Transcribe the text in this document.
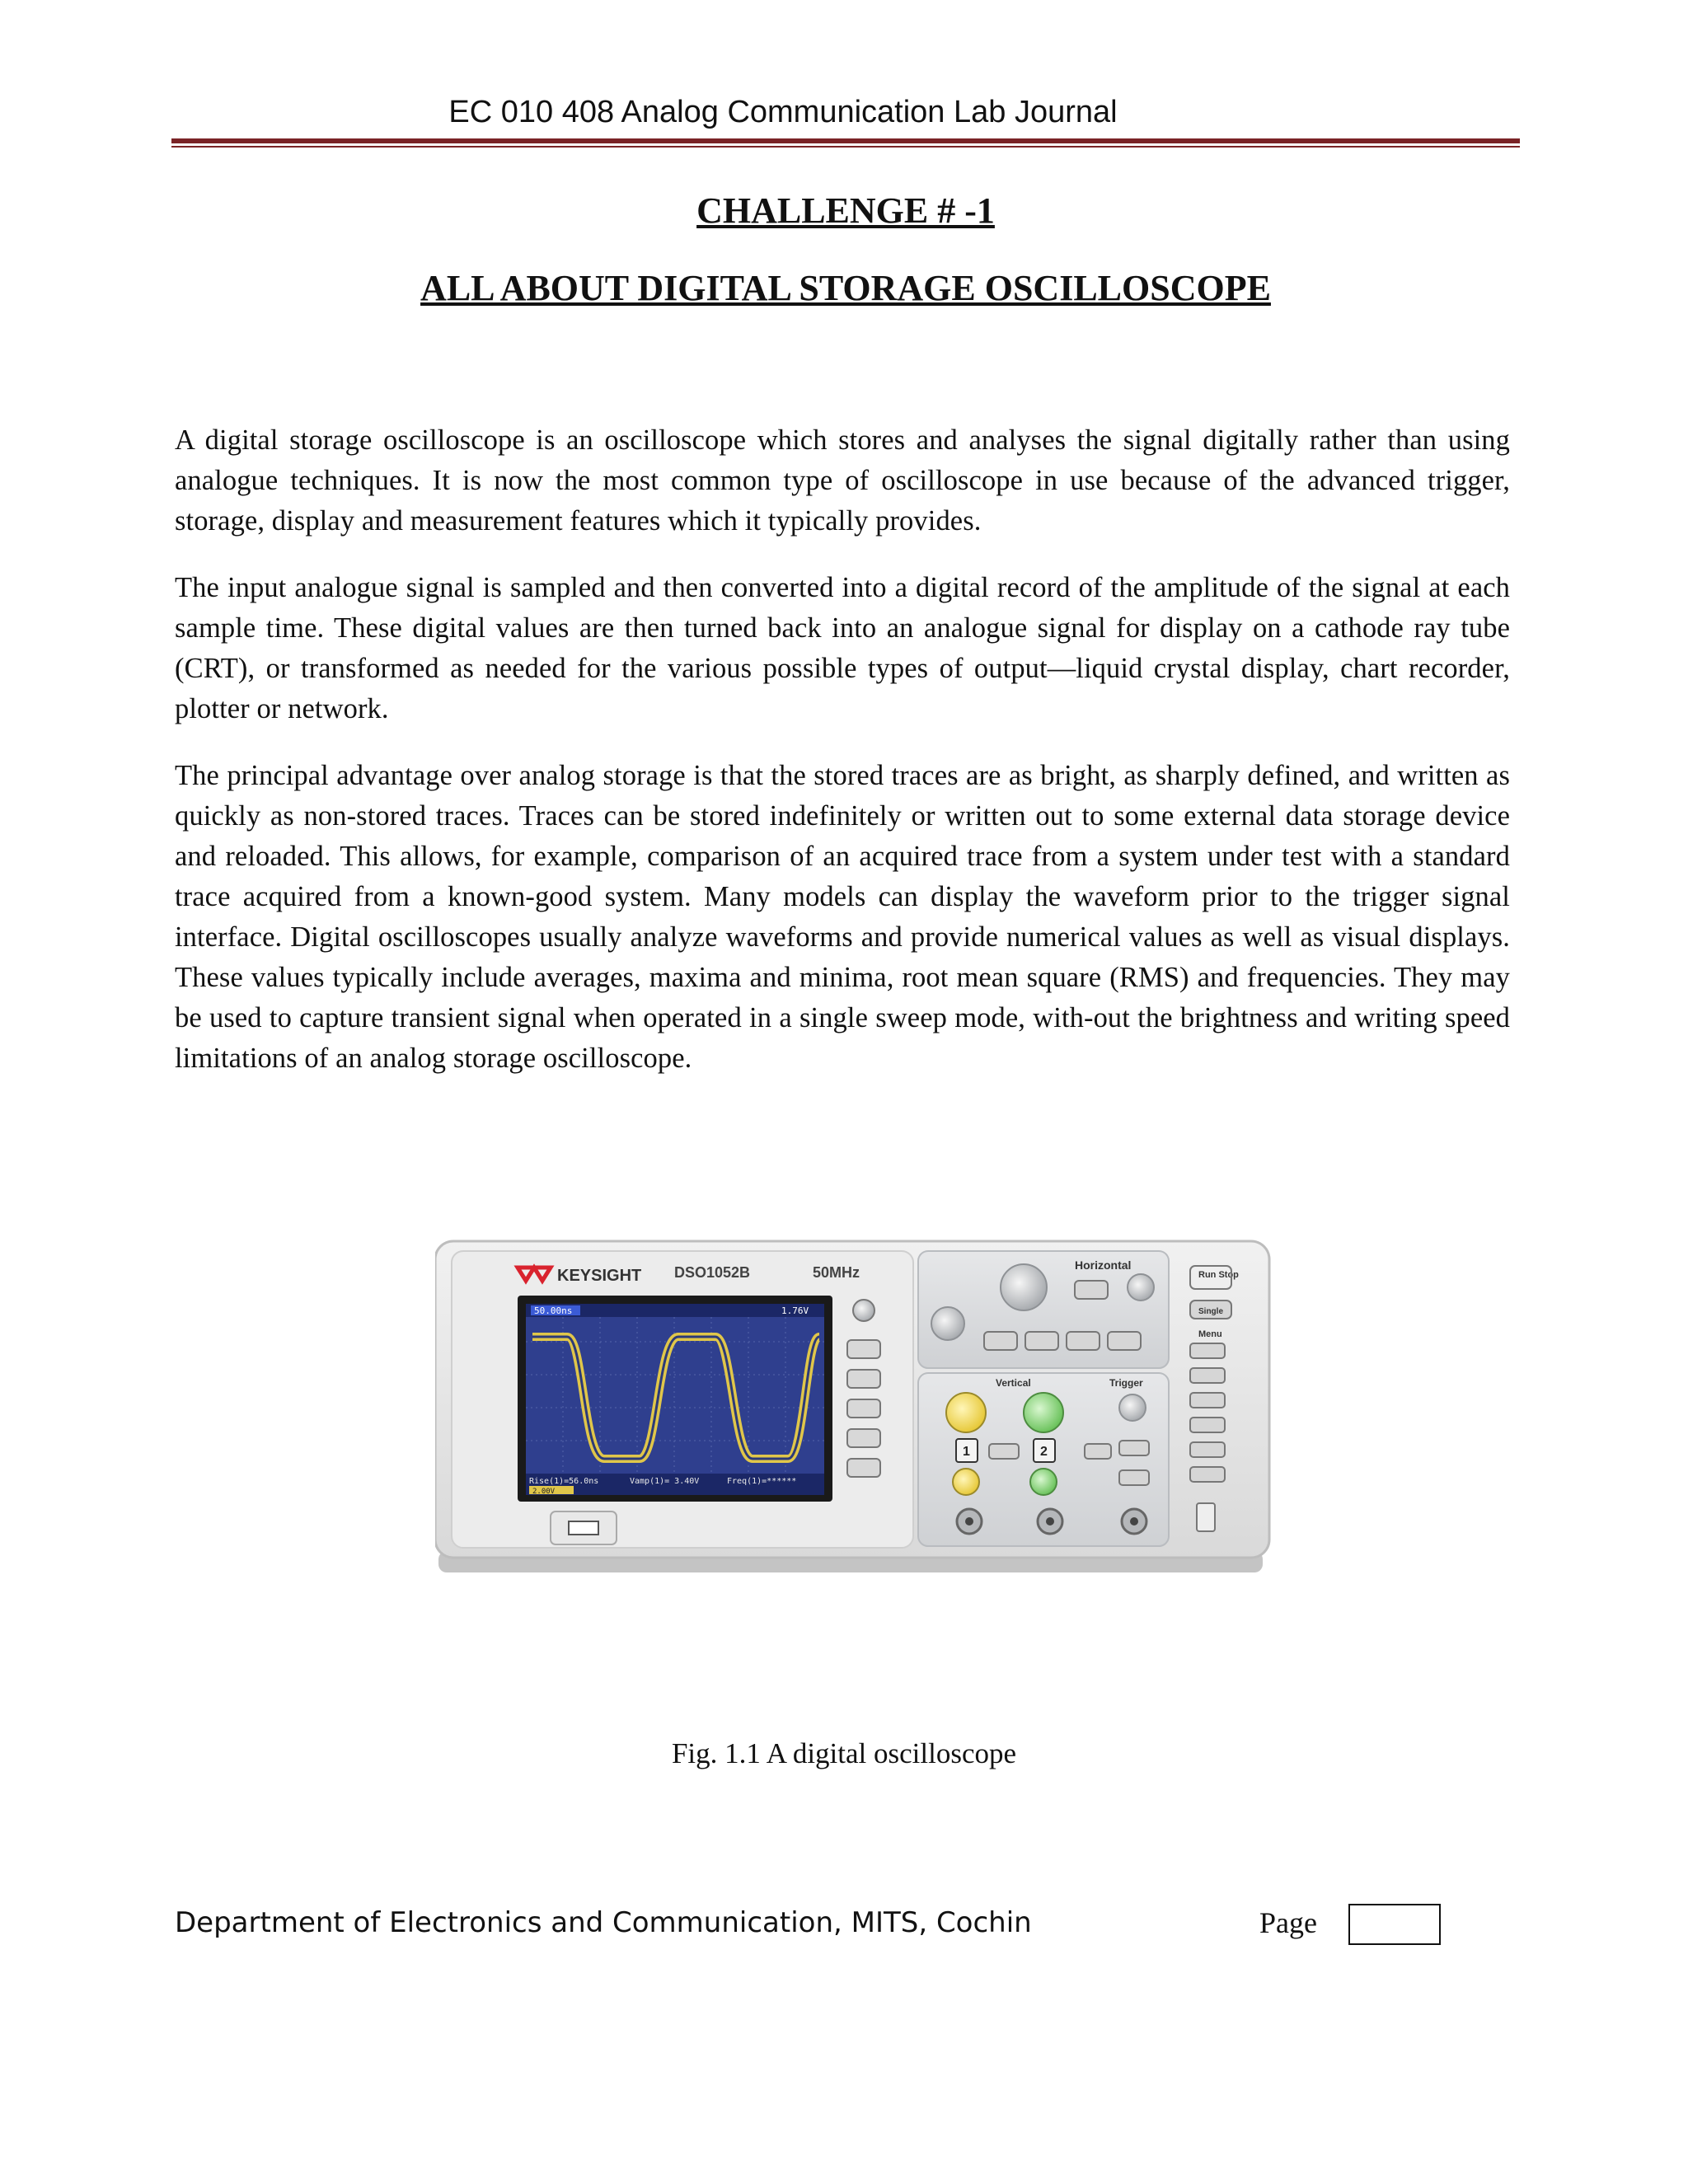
EC 010 408 Analog Communication Lab Journal
CHALLENGE # -1
ALL ABOUT DIGITAL STORAGE OSCILLOSCOPE

A digital storage oscilloscope is an oscilloscope which stores and analyses the signal digitally rather than using analogue techniques. It is now the most common type of oscilloscope in use because of the advanced trigger, storage, display and measurement features which it typically provides.

The input analogue signal is sampled and then converted into a digital record of the amplitude of the signal at each sample time. These digital values are then turned back into an analogue signal for display on a cathode ray tube (CRT), or transformed as needed for the various possible types of output—liquid crystal display, chart recorder, plotter or network.

The principal advantage over analog storage is that the stored traces are as bright, as sharply defined, and written as quickly as non-stored traces. Traces can be stored indefinitely or written out to some external data storage device and reloaded. This allows, for example, comparison of an acquired trace from a system under test with a standard trace acquired from a known-good system. Many models can display the waveform prior to the trigger signal interface. Digital oscilloscopes usually analyze waveforms and provide numerical values as well as visual displays. These values typically include averages, maxima and minima, root mean square (RMS) and frequencies. They may be used to capture transient signal when operated in a single sweep mode, with-out the brightness and writing speed limitations of an analog storage oscilloscope.

KEYSIGHT DSO1052B	50MHz
50.00ns	1.76V
Rise(1)=56.0ns	Vamp(1)= 3.40V	Freq(1)=******
2.00V
Horizontal
Vertical	Trigger
1	2
Run Stop
Single
Menu
Fig. 1.1 A digital oscilloscope
Department of Electronics and Communication, MITS, Cochin	Page
